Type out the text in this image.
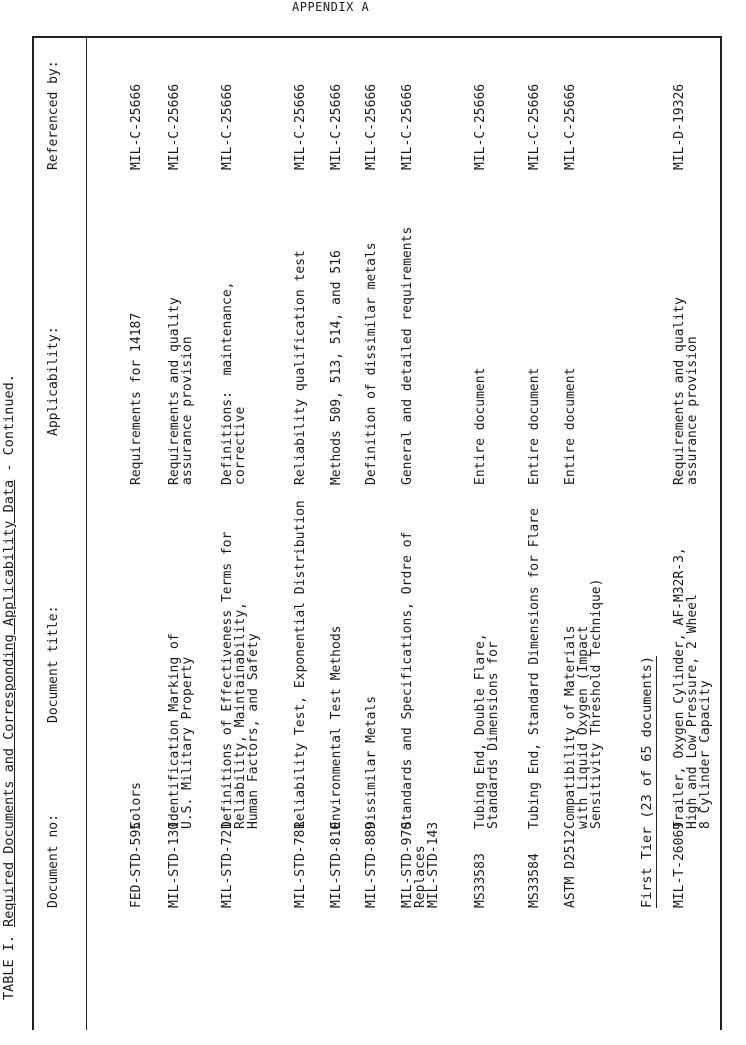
APPENDIX A
TABLE I. Required Documents and Corresponding Applicability Data - Continued.
Document no:
Document title:
Applicability:
Referenced by:
FED-STD-595
Colors
Requirements for 14187
MIL-C-25666
MIL-STD-130
Identification Marking of
U.S. Military Property
Requirements and quality
assurance provision
MIL-C-25666
MIL-STD-721
Definitions of Effectiveness Terms for
Reliability, Maintainability,
Human Factors, and Safety
Definitions:  maintenance,
corrective
MIL-C-25666
MIL-STD-781
Reliability Test, Exponential Distribution
Reliability qualification test
MIL-C-25666
MIL-STD-810
Environmental Test Methods
Methods 509, 513, 514, and 516
MIL-C-25666
MIL-STD-889
Dissimilar Metals
Definition of dissimilar metals
MIL-C-25666
MIL-STD-970
Replaces
MIL-STD-143
Standards and Specifications, Ordre of
General and detailed requirements
MIL-C-25666
MS33583
Tubing End, Double Flare,
Standards Dimensions for
Entire document
MIL-C-25666
MS33584
Tubing End, Standard Dimensions for Flare
Entire document
MIL-C-25666
ASTM D2512
Compatibility of Materials
with Liquid Oxygen (Impact
Sensitivity Threshold Technique)
Entire document
MIL-C-25666
First Tier (23 of 65 documents) MIL-T-26069
Trailer, Oxygen Cylinder, AF-M32R-3,
High and Low Pressure, 2 Wheel
8 Cylinder Capacity
Requirements and quality
assurance provision
MIL-D-19326
